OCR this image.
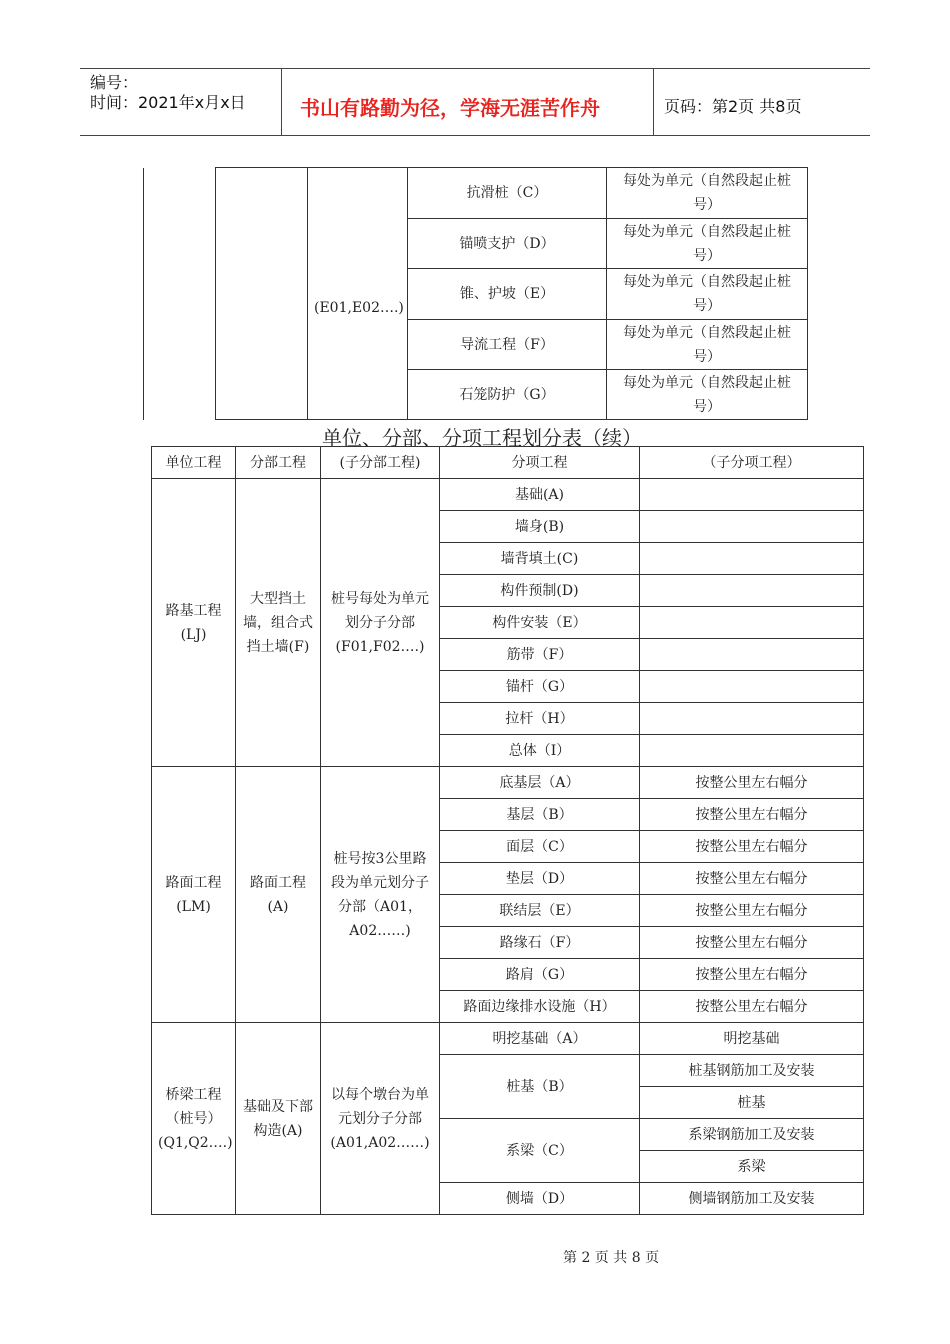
编号：
时间：2021年x月x日	书山有路勤为径，学海无涯苦作舟	页码：第2页 共8页
		(E01,E02….)	抗滑桩（C）	每处为单元（自然段起止桩号）
			锚喷支护（D）	每处为单元（自然段起止桩号）
			锥、护坡（E）	每处为单元（自然段起止桩号）
			导流工程（F）	每处为单元（自然段起止桩号）
			石笼防护（G）	每处为单元（自然段起止桩号）
单位、分部、分项工程划分表（续）
单位工程	分部工程	(子分部工程)	分项工程	（子分项工程）
路基工程(LJ)	大型挡土墙，组合式挡土墙(F)	桩号每处为单元划分子分部(F01,F02….)	基础(A)	
			墙身(B)	
			墙背填土(C)	
			构件预制(D)	
			构件安装（E）	
			筋带（F）	
			锚杆（G）	
			拉杆（H）	
			总体（I）	
路面工程(LM)	路面工程(A)	桩号按3公里路段为单元划分子分部（A01，A02……)	底基层（A）	按整公里左右幅分
			基层（B）	按整公里左右幅分
			面层（C）	按整公里左右幅分
			垫层（D）	按整公里左右幅分
			联结层（E）	按整公里左右幅分
			路缘石（F）	按整公里左右幅分
			路肩（G）	按整公里左右幅分
			路面边缘排水设施（H）	按整公里左右幅分
桥梁工程（桩号）(Q1,Q2….)	基础及下部构造(A)	以每个墩台为单元划分子分部(A01,A02……)	明挖基础（A）	明挖基础
			桩基（B）	桩基钢筋加工及安装
				桩基
			系梁（C）	系梁钢筋加工及安装
				系梁
			侧墙（D）	侧墙钢筋加工及安装
第 2 页 共 8 页
